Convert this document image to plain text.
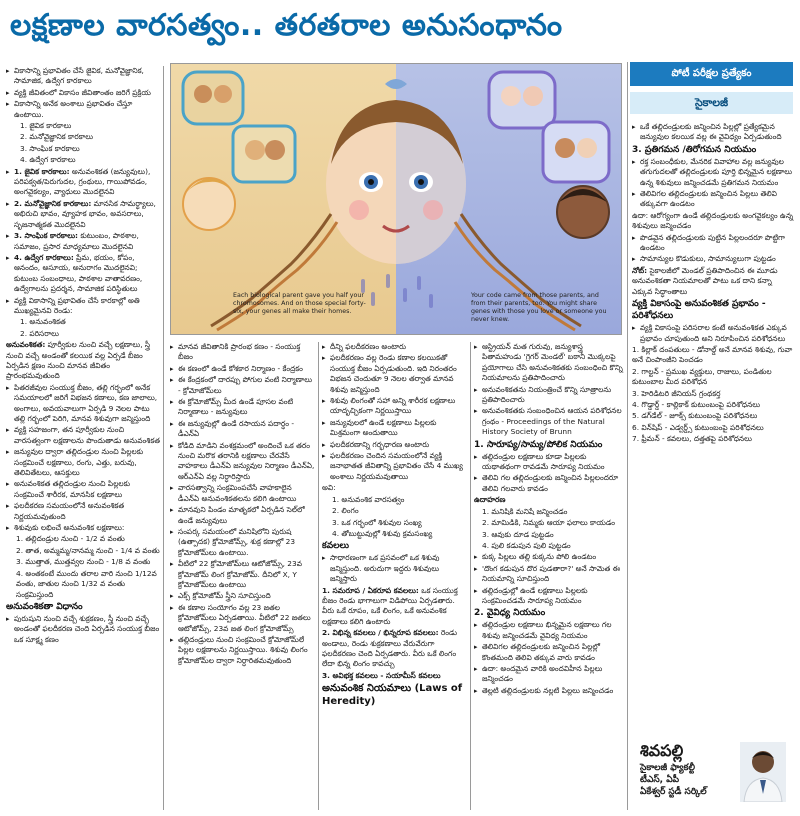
లక్షణాల వారసత్వం.. తరతరాల అనుసంధానం

▸ వికాసాన్ని ప్రభావితం చేసే జైవిక, మనోవైజ్ఞానిక, సామాజిక, ఉద్వేగ కారకాలు

▸ వ్యక్తి జీవితంలో వికాసం జీవితాంతం జరిగే ప్రక్రియ

▸ వికాసాన్ని అనేక అంశాలు ప్రభావితం చేస్తూ ఉంటాయి.

1. జైవిక కారకాలు

2. మనోవైజ్ఞానిక కారకాలు

3. సాంఘిక కారకాలు

4. ఉద్వేగ కారకాలు

▸ 1. జైవిక కారకాలు: అనువంశికత (జన్యువులు), పరిపక్వత/పెరుగుదల, గ్రంథులు, గాయిపోవడం, అంగవైకల్యం, వ్యాధులు మొదలైనవి

▸ 2. మనోవైజ్ఞానిక కారకాలు: మానసిక సామర్థ్యాలు, అభిరుచి భావం, వ్యూహక భావం, అవసరాలు, సృజనాత్మకత మొదలైనవి

▸ 3. సాంఘిక కారకాలు: కుటుంబం, పాఠశాల, సమాజం, ప్రసార మాధ్యమాలు మొదలైనవి

▸ 4. ఉద్వేగ కారకాలు: ప్రేమ, భయం, కోపం, ఆనందం, అసూయ, అనురాగం మొదలైనవి; కుటుంబ సంబంధాలు, పాఠశాల వాతావరణం, ఉద్వేగాలను ప్రదర్శన, సామాజిక పరిస్థితులు

▸ వ్యక్తి వికాసాన్ని ప్రభావితం చేసే కారకాల్లో అతి ముఖ్యమైనవి రెండు:

1. అనువంశికత

2. పరిసరాలు

అనువంశికత: పూర్వీకుల నుంచి వచ్చే లక్షణాలు, స్త్రీ నుంచి వచ్చే అండంతో కలయిక వల్ల ఏర్పడే బీజం ఏర్పడిన క్షణం నుంచి మానవ జీవితం ప్రారంభమవుతుంది

▸ పితరజీవుల సంయుక్త బీజం, తల్లి గర్భంలో అనేక సమయాలలో జరిగే విభజన కణాలు, కణ జాలాలు, అంగాలు, అవయవాలుగా ఏర్పడి 9 నెలల పాటు తల్లి గర్భంలో పెరిగి, మానవ శిశువుగా జన్మిస్తుంది

▸ వ్యక్తి సహజంగా, తన పూర్వీకుల నుంచి వారసత్వంగా లక్షణాలను పొందుతాడు అనువంశికత

▸ జన్యువుల ద్వారా తల్లిదండ్రుల నుంచి పిల్లలకు సంక్రమించే లక్షణాలు, రంగు, ఎత్తు, బరువు, తెలివితేటలు, ఆసక్తులు

▸ అనువంశికత తల్లిదండ్రుల నుంచి పిల్లలకు సంక్రమించే శారీరక, మానసిక లక్షణాలు

▸ ఫలదీకరణ సమయంలోనే అనువంశికత నిర్ణయమవుతుంది

▸ శిశువుకు లభించే అనువంశిక లక్షణాలు:

1. తల్లిదండ్రుల నుంచి - 1/2 వ వంతు

2. తాత, అమ్మమ్మ/నానమ్మ నుంచి - 1/4 వ వంతు

3. ముత్తాత, ముత్తవ్వల నుంచి - 1/8 వ వంతు

4. అంతకంటే ముందు తరాల వారి నుంచి 1/12వ వంతు, జాతుల నుంచి 1/32 వ వంతు సంక్రమిస్తుంది

అనువంశికతా విధానం

▸ పురుషుని నుంచి వచ్చే శుక్రకణం, స్త్రీ నుంచి వచ్చే అండంతో ఫలదీకరణ చెంది ఏర్పడిన సంయుక్త బీజం ఒక సూక్ష్మ కణం

Each biological parent gave you half your chromosomes. And on those special forty-six, your genes all make their homes.
Your code came from those parents, and from their parents, too. You might share genes with those you love or someone you never knew.

▸ మానవ జీవితానికి ప్రారంభ కణం - సంయుక్త బీజం

▸ ఈ కణంలో ఉండే కోశకార నిర్మాణం - కేంద్రకం

▸ ఈ కేంద్రకంలో దారప్పు పోగుల వంటి నిర్మాణాలు - క్రోమోజోమ్‌లు

▸ ఈ క్రోమోజోమ్స్ మీద ఉండే పూసల వంటి నిర్మాణాలు - జన్యువులు

▸ ఈ జన్యువుల్లో ఉండే రసాయన పదార్థం - డీఎన్ఏ

▸ కోడిది మాడిని వంశక్రమంలో అందించే ఒక తరం నుంచి మరొక తరానికి లక్షణాలు చేరవేసే వాహకాలు డీఎన్ఏ జన్యువుల నిర్మాణం డీఎన్ఏ, ఆర్ఎన్ఏ వల్ల నిర్ధారిస్తారు

▸ వారసత్వాన్ని సంక్రమింపచేసే వాహకాలైన డీఎన్ఏ అనువంశికతలను కలిగి ఉంటాయి

▸ మానవుని పిండం మాతృకలో ఏర్పడిన సెల్‌లో ఉండే జన్యువులు

▸ సంపర్క సమయంలో మనిషిలోని పురుష (ఉత్పాదక) క్రోమోజోమ్స్, శుక్ర కణాల్లో 23 క్రోమోజోమ్‌లు ఉంటాయి.

▸ వీటిలో 22 క్రోమోజోమ్‌లు ఆటోజోమ్స్, 23వ క్రోమోజోమ్ లింగ క్రోమోజోమ్. దీనిలో X, Y క్రోమోజోమ్‌లు ఉంటాయి

▸ ఎక్స్ క్రోమోజోమ్ స్త్రీని సూచిస్తుంది

▸ ఈ కణాల సంయోగం వల్ల 23 జతల క్రోమోజోమ్‌లు ఏర్పడతాయి. వీటిలో 22 జతలు ఆటోజోమ్స్, 23వ జత లింగ క్రోమోజోమ్స్

▸ తల్లిదండ్రులు నుంచి సంక్రమించే క్రోమోజోమ్‌లే పిల్లల లక్షణాలను నిర్ణయిస్తాయి. శిశువు లింగం క్రోమోజోమ్‌ల ద్వారా నిర్ధారితమవుతుంది

▸ దీన్ని ఫలదీకరణం అంటారు

▸ ఫలదీకరణం వల్ల రెండు కణాల కలయికతో సంయుక్త బీజం ఏర్పడుతుంది. ఇది నిరంతరం విభజన చెందుతూ 9 నెలల తర్వాత మానవ శిశువు జన్మిస్తుంది

▸ శిశువు లింగంతో సహా అన్ని శారీరక లక్షణాలు యాదృచ్ఛికంగా నిర్ణయిస్తాయి

▸ జన్యువులలో ఉండే లక్షణాలు పిల్లలకు మిశ్రమంగా అందుతాయి

▸ ఫలదీకరణాన్ని గర్భధారణ అంటారు

▸ ఫలదీకరణం చెందిన సమయంలోనే వ్యక్తి జనాభాతత జీవితాన్ని ప్రభావితం చేసే 4 ముఖ్య అంశాలు నిర్ణయమవుతాయి

అవి:

1. అనువంశిక వారసత్వం

2. లింగం

3. ఒక గర్భంలో శిశువుల సంఖ్య

4. తోబుట్టువుల్లో శిశువు క్రమసంఖ్య

కవలలు

▸ సాధారణంగా ఒక ప్రసవంలో ఒక శిశువు జన్మిస్తుంది. అరుదుగా ఇద్దరు శిశువులు జన్మిస్తారు

1. సమరూప / ఏకరూప కవలలు: ఒక సంయుక్త బీజం రెండు భాగాలుగా విడిపోయి ఏర్పడతారు. వీరు ఒకే రూపం, ఒకే లింగం, ఒకే అనువంశిక లక్షణాలు కలిగి ఉంటారు

2. విభిన్న కవలలు / భిన్నరూప కవలలు: రెండు అండాలు, రెండు శుక్రకణాలు వేరువేరుగా ఫలదీకరణం చెంది ఏర్పడతారు. వీరు ఒకే లింగం లేదా భిన్న లింగం కావచ్చు

3. అవిభక్త కవలలు - సయామీస్ కవలలు

అనువంశిక నియమాలు (Laws of Heredity)

▸ ఆస్ట్రియన్ మత గురువు, జన్యుశాస్త్ర పితామహుడు 'గ్రెగర్ మెండల్' బఠానీ మొక్కలపై ప్రయోగాలు చేసి అనువంశికతకు సంబంధించి కొన్ని నియమాలను ప్రతిపాదించారు

▸ అనువంశికతను నియంత్రించే కొన్ని సూత్రాలను ప్రతిపాదించారు

▸ అనువంశికతకు సంబంధించిన ఆయన పరిశోధనల గ్రంథం - Proceedings of the Natural History Society of Brunn

1. సారూప్య/సామ్య/పోలిక నియమం

▸ తల్లిదండ్రుల లక్షణాలు కూడా పిల్లలకు యథాతథంగా రావడమే సారూప్య నియమం

▸ తెలివి గల తల్లిదండ్రులకు జన్మించిన పిల్లలందరూ తెలివి గలవారు కావడం

ఉదాహరణ

1. మనిషికి మనిషే జన్మించడం

2. మామిడికి, నిమ్మకు ఆయా ఫలాలు కాయడం

3. ఆవుకు దూడ పుట్టడం

4. పులి కడుపున పులి పుట్టడం

▸ కుక్క పిల్లలు తల్లి కుక్కను పోలి ఉండటం

▸ 'దొంగ కడుపున దొర పుడతారా?' అనే సామెత ఈ నియమాన్ని సూచిస్తుంది

▸ తల్లిదండ్రుల్లో ఉండే లక్షణాలు పిల్లలకు సంక్రమించడమే సారూప్య నియమం

2. వైవిధ్య నియమం

▸ తల్లిదండ్రుల లక్షణాలు భిన్నమైన లక్షణాలు గల శిశువు జన్మించడమే వైవిధ్య నియమం

▸ తెలివిగల తల్లిదండ్రులకు జన్మించిన పిల్లల్లో కొంతమంది తెలివి తక్కువ వారు కావడం

▸ ఉదా: అందమైన వారికి అందవిహీన పిల్లలు జన్మించడం

▸ తెల్లటి తల్లిదండ్రులకు నల్లటి పిల్లలు జన్మించడం

పోటీ పరీక్షల ప్రత్యేకం
సైకాలజీ

▸ ఒకే తల్లిదండ్రులకు జన్మించిన పిల్లల్లో ప్రత్యేకమైన జన్యువుల కలయిక వల్ల ఈ వైవిధ్యం ఏర్పడుతుంది

3. ప్రతిగమన /తిరోగమన నియమం

▸ రక్త సంబంధీకుల, మేనరిక వివాహాల వల్ల జన్యువుల తగుగుదలతో తల్లిదండ్రులకు పూర్తి భిన్నమైన లక్షణాలు ఉన్న శిశువులు జన్మించడమే ప్రతిగమన నియమం

▸ తెలివిగల తల్లిదండ్రులకు జన్మించిన పిల్లలు తెలివి తక్కువగా ఉండటం

ఉదా: ఆరోగ్యంగా ఉండే తల్లిదండ్రులకు అంగవైకల్యం ఉన్న శిశువులు జన్మించడం

▸ పొడవైన తల్లిదండ్రులకు పుట్టిన పిల్లలందరూ పొట్టిగా ఉండటం

▸ సామాన్యుల కొడుకులు, సామాన్యులుగా పుట్టడం

నోట్: సైకాలజీలో మెండల్ ప్రతిపాదించిన ఈ మూడు అనువంశికతా నియమాలతో పాటు ఒక దాని కన్నా ఎక్కువ సిద్ధాంతాలు

వ్యక్తి వికాసంపై అనువంశికత ప్రభావం - పరిశోధనలు

▸ వ్యక్తి వికాసంపై పరిసరాల కంటే అనువంశికత ఎక్కువ ప్రభావం చూపుతుంది అని నిరూపించిన పరిశోధనలు

1. కిల్లాక్ దంపతులు - డోనాల్డ్ అనే మానవ శిశువు, గువా అనే చింపాంజీని పెంచడం

2. గాల్టన్ - ప్రముఖ వ్యక్తులు, రాజులు, పండితుల కుటుంబాల మీద పరిశోధన

3. హెరిడిటరి జీనియస్ గ్రంథకర్త

4. గొడ్డార్డ్ - కాల్లికాక్ కుటుంబంపై పరిశోధనలు

5. డగ్‌డేల్ - జూక్స్ కుటుంబంపై పరిశోధనలు

6. విన్‌షిప్ - ఎడ్వర్డ్స్ కుటుంబంపై పరిశోధనలు

7. ఫ్రీమన్ - కవలలు, దత్తతపై పరిశోధనలు

శివపల్లి
సైకాలజీ ఫ్యాకల్టీ
టీఎస్, ఏపీ
ఏకేశ్వర్ స్టడీ సర్కిల్
